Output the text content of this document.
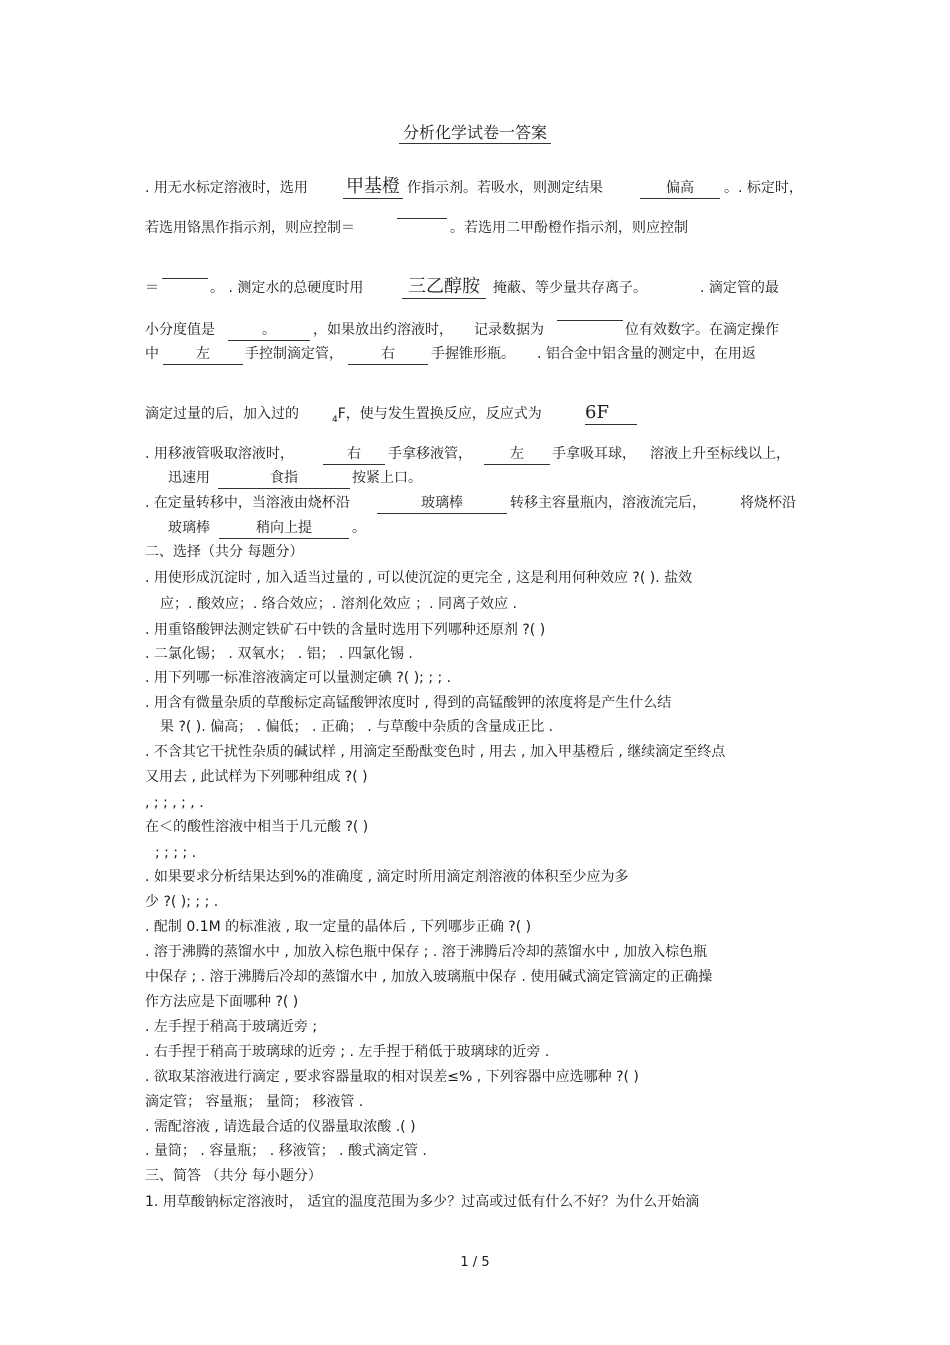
分析化学试卷一答案
. 用无水标定溶液时，选用 甲基橙 作指示剂。若吸水，则测定结果	偏高	。. 标定时，
若选用铬黑作指示剂，则应控制＝	。若选用二甲酚橙作指示剂，则应控制
＝	。 . 测定水的总硬度时用	三乙醇胺 掩蔽、等少量共存离子。	. 滴定管的最
小分度值是	。	，如果放出约溶液时， 记录数据为	位有效数字。在滴定操作
中	左	手控制滴定管，	右	手握锥形瓶。 . 铝合金中铝含量的测定中，在用返
滴定过量的后，加入过的	$_4$F，使与发生置换反应，反应式为 6F
. 用移液管吸取溶液时，	右	手拿移液管，	左	手拿吸耳球， 溶液上升至标线以上，
迅速用	食指	按紧上口。
. 在定量转移中，当溶液由烧杯沿	玻璃棒	转移主容量瓶内，溶液流完后， 将烧杯沿
玻璃棒	稍向上提	。
二、选择（共分 每题分）
. 用使形成沉淀时 , 加入适当过量的 , 可以使沉淀的更完全 , 这是利用何种效应 ?( ). 盐效
应；. 酸效应；. 络合效应；. 溶剂化效应 ；. 同离子效应 .
. 用重铬酸钾法测定铁矿石中铁的含量时选用下列哪种还原剂 ?( )
. 二氯化锡； . 双氧水； . 铝； . 四氯化锡 .
. 用下列哪一标准溶液滴定可以量测定碘 ?( ); ; ; .
. 用含有微量杂质的草酸标定高锰酸钾浓度时 , 得到的高锰酸钾的浓度将是产生什么结
果 ?( ). 偏高； . 偏低； . 正确； . 与草酸中杂质的含量成正比 .
. 不含其它干扰性杂质的碱试样 , 用滴定至酚酞变色时 , 用去 , 加入甲基橙后 , 继续滴定至终点
又用去 , 此试样为下列哪种组成 ?( )
, ; ; , ; , .
在＜的酸性溶液中相当于几元酸 ?( )
; ; ; ; .
. 如果要求分析结果达到%的准确度 , 滴定时所用滴定剂溶液的体积至少应为多
少 ?( ); ; ; .
. 配制 0.1M 的标准液 , 取一定量的晶体后 , 下列哪步正确 ?( )
. 溶于沸腾的蒸馏水中 , 加放入棕色瓶中保存 ; . 溶于沸腾后冷却的蒸馏水中 , 加放入棕色瓶
中保存 ; . 溶于沸腾后冷却的蒸馏水中 , 加放入玻璃瓶中保存 . 使用碱式滴定管滴定的正确操
作方法应是下面哪种 ?( )
. 左手捏于稍高于玻璃近旁 ;
. 右手捏于稍高于玻璃球的近旁 ; . 左手捏于稍低于玻璃球的近旁 .
. 欲取某溶液进行滴定 , 要求容器量取的相对误差≤% , 下列容器中应选哪种 ?( )
滴定管； 容量瓶； 量筒； 移液管 .
. 需配溶液 , 请选最合适的仪器量取浓酸 .( )
. 量筒； . 容量瓶； . 移液管； . 酸式滴定管 .
三、简答 （共分 每小题分）
1. 用草酸钠标定溶液时， 适宜的温度范围为多少？过高或过低有什么不好？为什么开始滴
1 / 5
